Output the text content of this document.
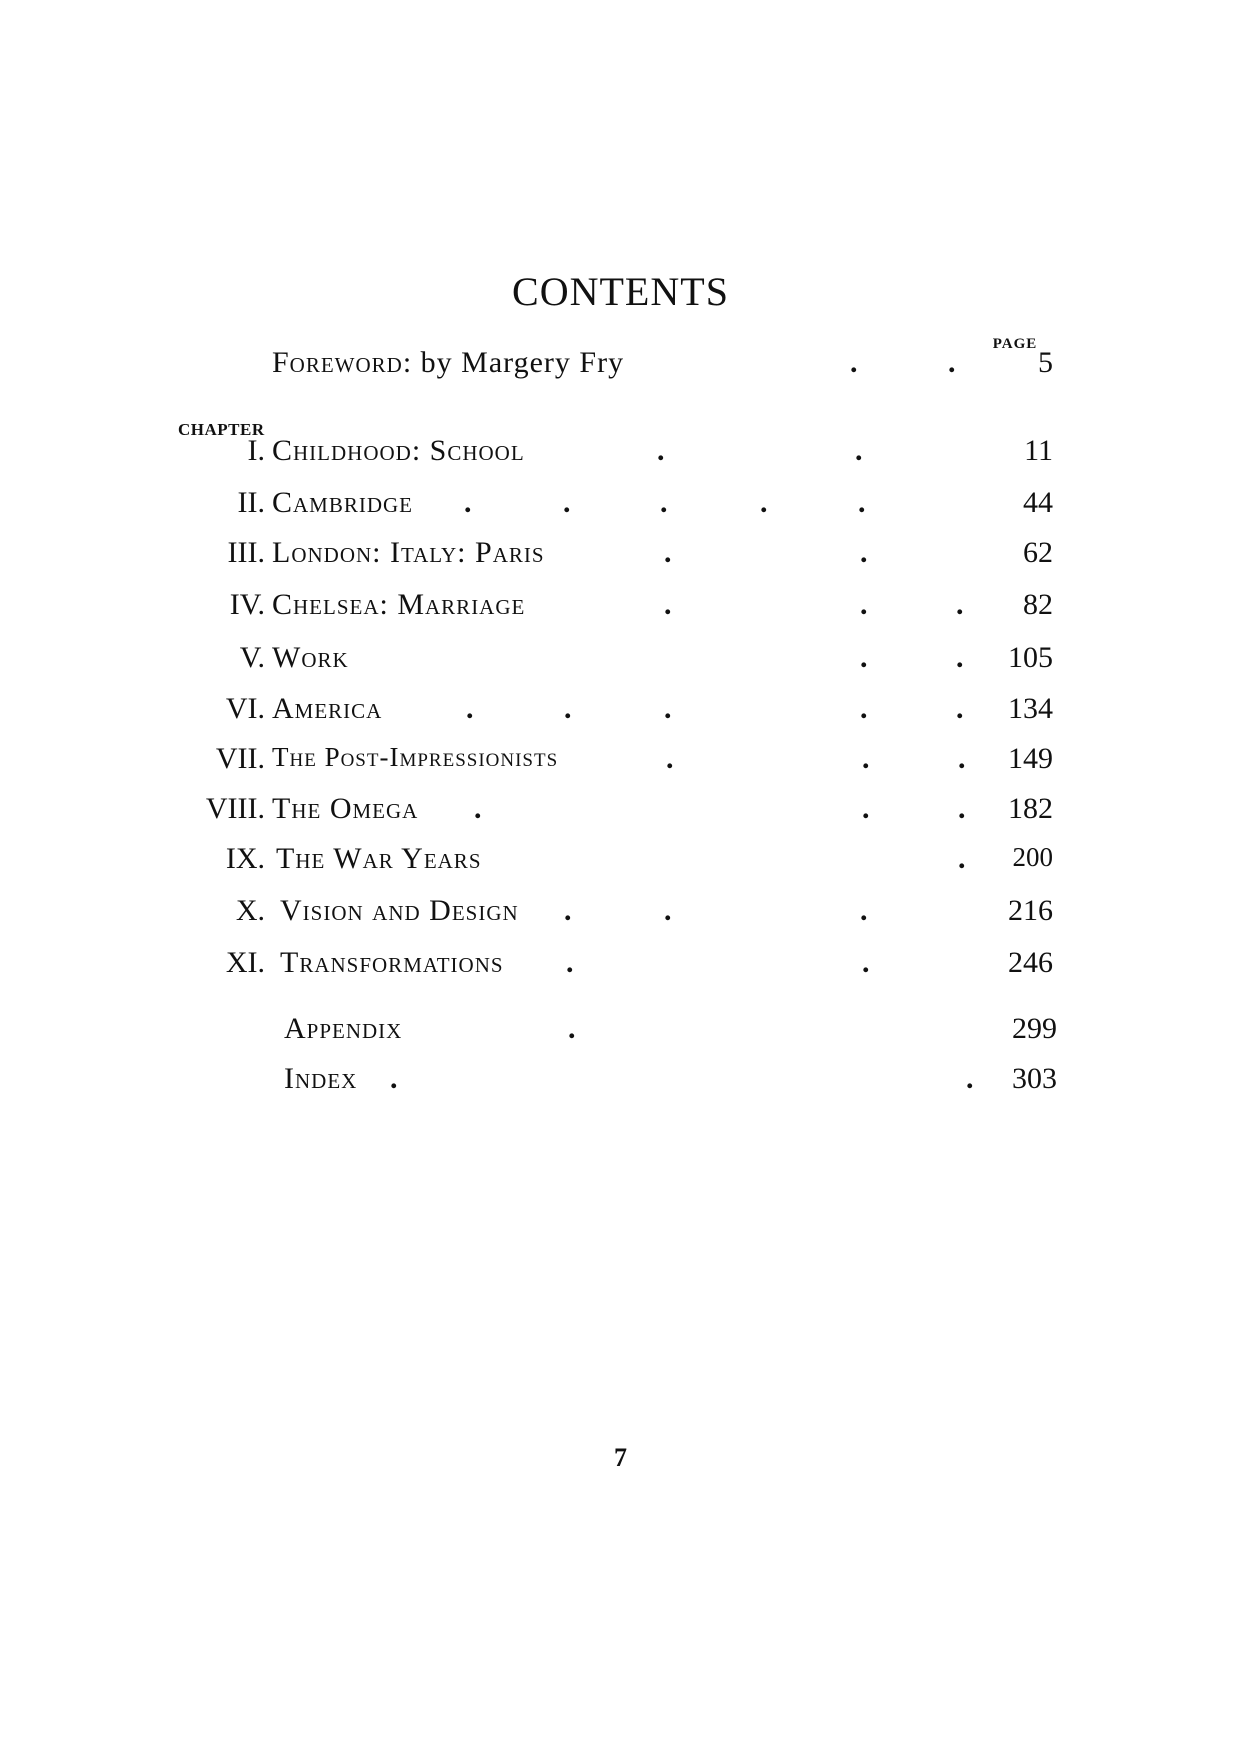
CONTENTS
PAGE
Foreword: by Margery Fry	.	.	5
CHAPTER
I. Childhood: School	.	.	11
II. Cambridge .	.	.	.	.	44
III. London: Italy: Paris	.	.	62
IV. Chelsea: Marriage	.	.	. 82
V. Work	.	. 105
VI. America	.	.	.	.	. 134
VII. The Post-Impressionists	.	.	. 149
VIII. The Omega .	.	. 182
IX. The War Years	. 200
X. Vision and Design .	.	.	216
XI. Transformations .	.	246
Appendix	.	299
Index .	. 303
7
